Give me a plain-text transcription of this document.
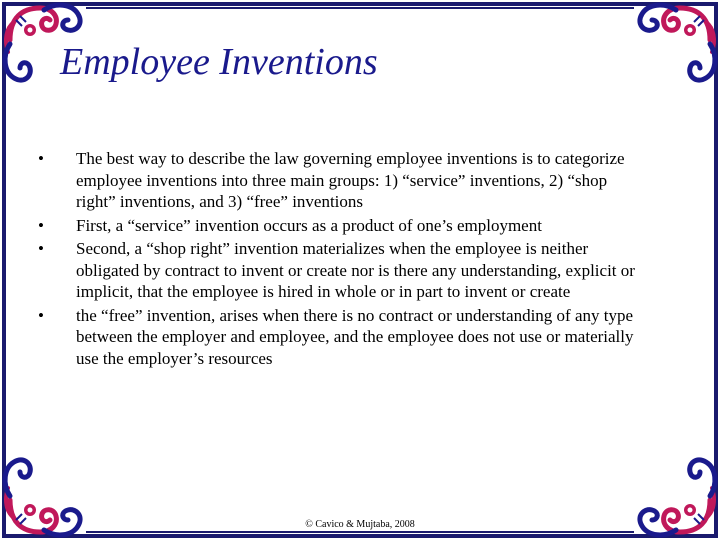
Employee Inventions
• The best way to describe the law governing employee inventions is to categorize employee inventions into three main groups: 1) “service” inventions, 2) “shop right” inventions, and 3) “free” inventions
• First, a “service” invention occurs as a product of one’s employment
• Second, a “shop right” invention materializes when the employee is neither obligated by contract to invent or create nor is there any understanding, explicit or implicit, that the employee is hired in whole or in part to invent or create
• the “free” invention, arises when there is no contract or understanding of any type between the employer and employee, and the employee does not use or materially use the employer’s resources
© Cavico & Mujtaba, 2008
